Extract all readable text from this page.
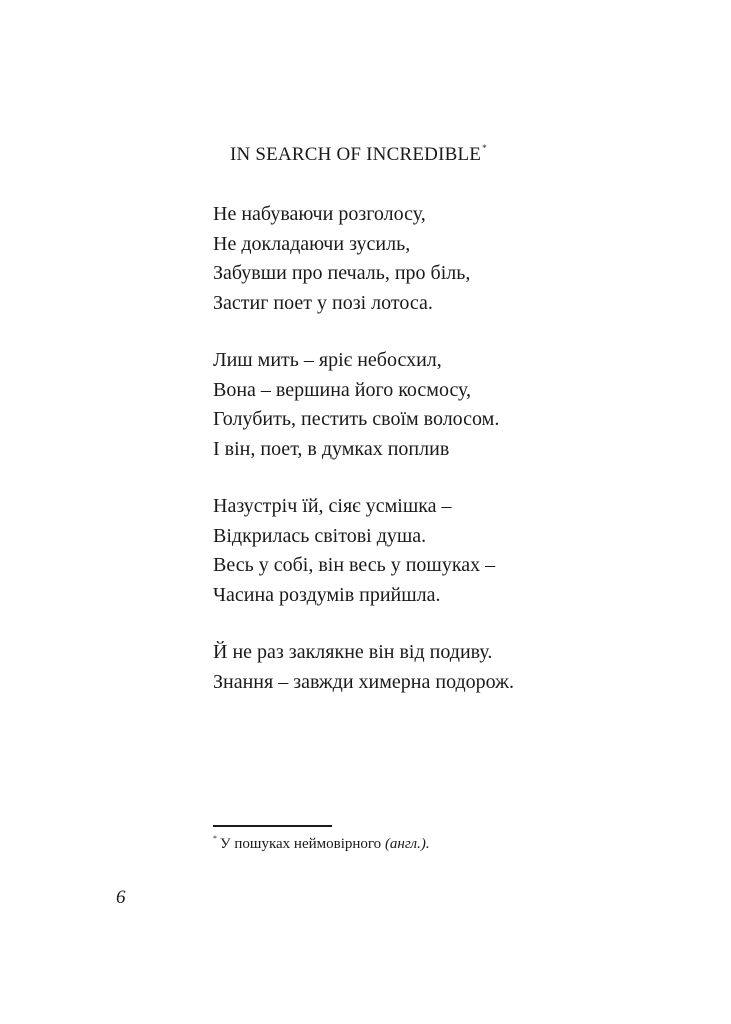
IN SEARCH OF INCREDIBLE*
Не набуваючи розголосу,
Не докладаючи зусиль,
Забувши про печаль, про біль,
Застиг поет у позі лотоса.
Лиш мить – яріє небосхил,
Вона – вершина його космосу,
Голубить, пестить своїм волосом.
І він, поет, в думках поплив
Назустріч їй, сіяє усмішка –
Відкрилась світові душа.
Весь у собі, він весь у пошуках –
Часина роздумів прийшла.
Й не раз заклякне він від подиву.
Знання – завжди химерна подорож.
* У пошуках неймовірного (англ.).
6
